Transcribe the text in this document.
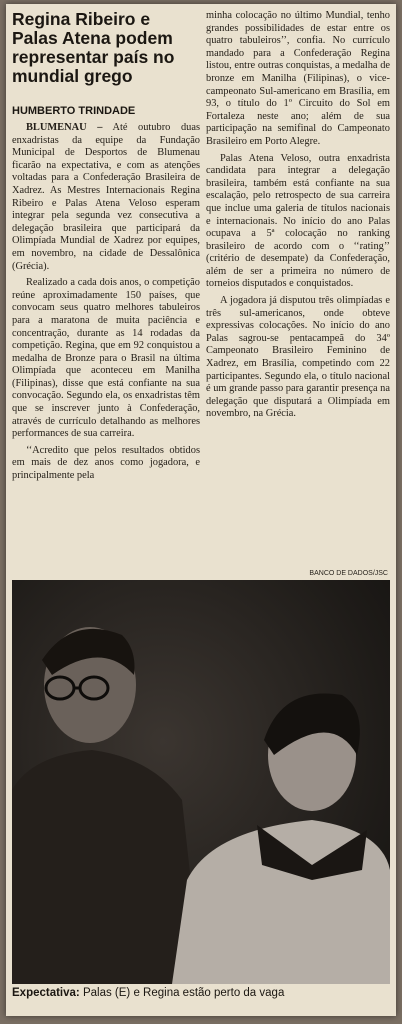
Regina Ribeiro e Palas Atena podem representar país no mundial grego
HUMBERTO TRINDADE

BLUMENAU – Até outubro duas enxadristas da equipe da Fundação Municipal de Desportos de Blumenau ficarão na expectativa, e com as atenções voltadas para a Confederação Brasileira de Xadrez. As Mestres Internacionais Regina Ribeiro e Palas Atena Veloso esperam integrar pela segunda vez consecutiva a delegação brasileira que participará da Olimpíada Mundial de Xadrez por equipes, em novembro, na cidade de Dessalônica (Grécia).

Realizado a cada dois anos, o competição reúne aproximadamente 150 países, que convocam seus quatro melhores tabuleiros para a maratona de muita paciência e concentração, durante as 14 rodadas da competição. Regina, que em 92 conquistou a medalha de Bronze para o Brasil na última Olimpíada que aconteceu em Manilha (Filipinas), disse que está confiante na sua convocação. Segundo ela, os enxadristas têm que se inscrever junto à Confederação, através de currículo detalhando as melhores performances de sua carreira.

‘‘Acredito que pelos resultados obtidos em mais de dez anos como jogadora, e principalmente pela

minha colocação no último Mundial, tenho grandes possibilidades de estar entre os quatro tabuleiros’’, confia. No currículo mandado para a Confederação Regina listou, entre outras conquistas, a medalha de bronze em Manilha (Filipinas), o vice-campeonato Sul-americano em Brasília, em 93, o título do 1º Circuito do Sol em Fortaleza neste ano; além de sua participação na semifinal do Campeonato Brasileiro em Porto Alegre.

Palas Atena Veloso, outra enxadrista candidata para integrar a delegação brasileira, também está confiante na sua escalação, pelo retrospecto de sua carreira que inclue uma galeria de títulos nacionais e internacionais. No início do ano Palas ocupava a 5ª colocação no ranking brasileiro de acordo com o ‘‘rating’’ (critério de desempate) da Confederação, além de ser a primeira no número de torneios disputados e conquistados.

A jogadora já disputou três olimpíadas e três sul-americanos, onde obteve expressivas colocações. No início do ano Palas sagrou-se pentacampeã do 34º Campeonato Brasileiro Feminino de Xadrez, em Brasília, competindo com 22 participantes. Segundo ela, o título nacional é um grande passo para garantir presença na delegação que disputará a Olimpíada em novembro, na Grécia.

BANCO DE DADOS/JSC
Expectativa: Palas (E) e Regina estão perto da vaga
